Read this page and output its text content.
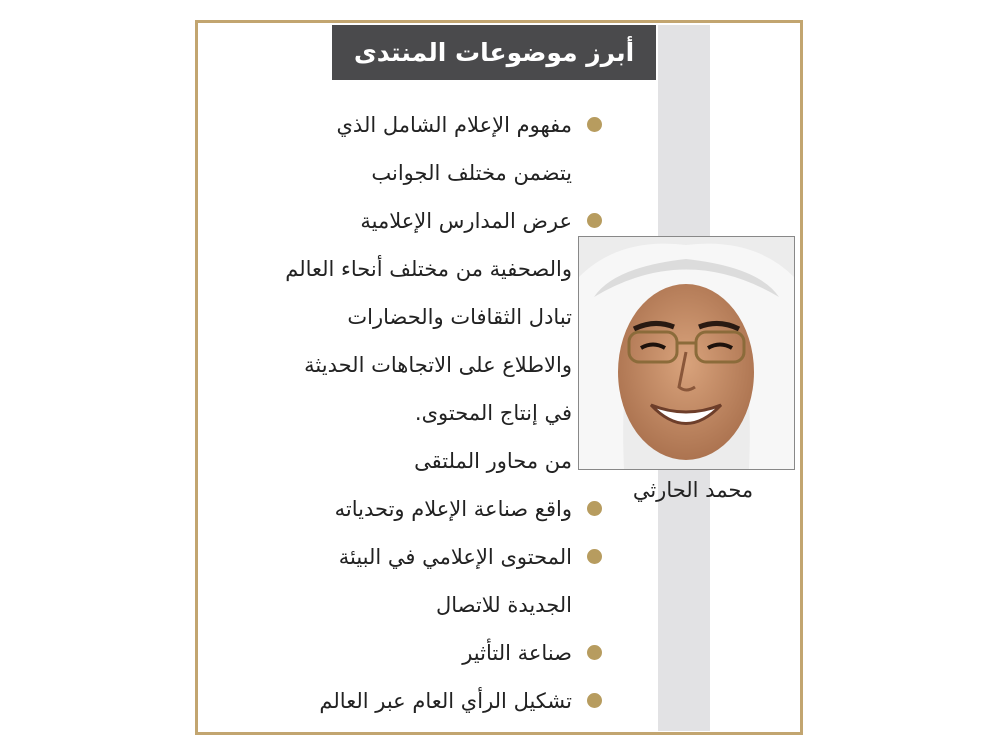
أبرز موضوعات المنتدى
مفهوم الإعلام الشامل الذي
يتضمن مختلف الجوانب
عرض المدارس الإعلامية
والصحفية من مختلف أنحاء العالم
تبادل الثقافات والحضارات
والاطلاع على الاتجاهات الحديثة
في إنتاج المحتوى.
من محاور الملتقى
واقع صناعة الإعلام وتحدياته
المحتوى الإعلامي في البيئة
الجديدة للاتصال
صناعة التأثير
تشكيل الرأي العام عبر العالم
محمد الحارثي
